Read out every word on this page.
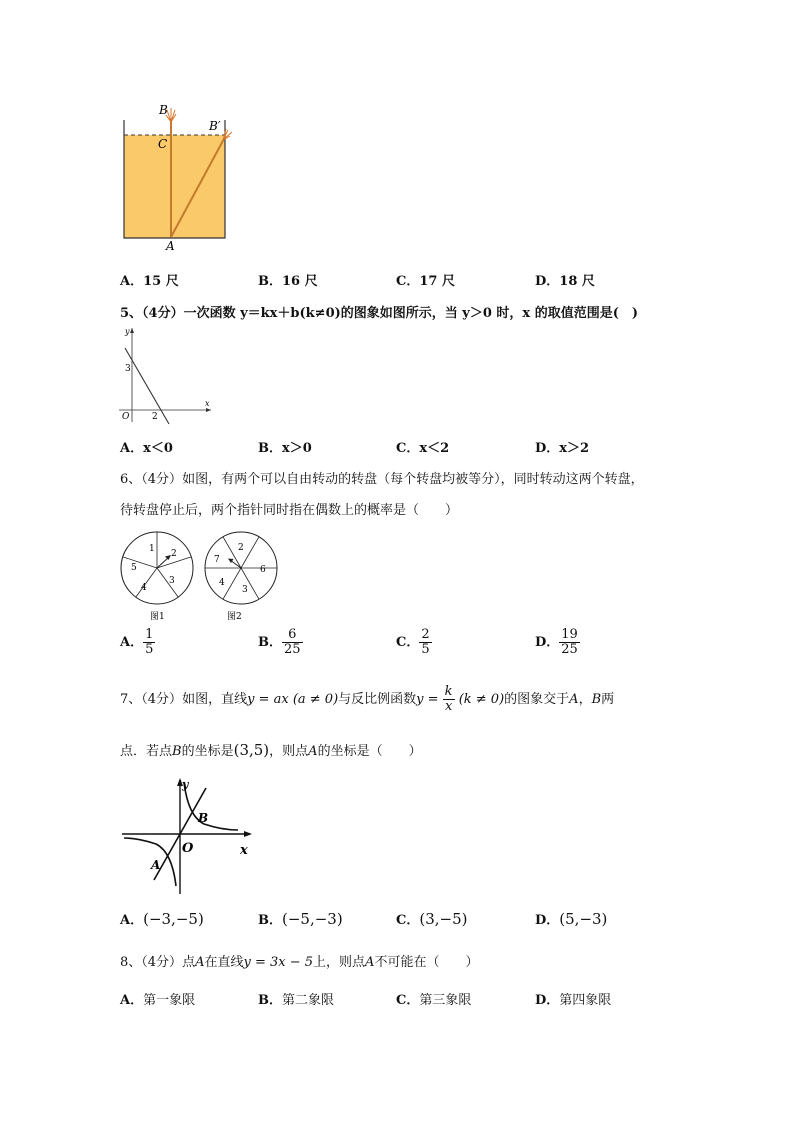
B
B′
C
A
A．15 尺	B．16 尺	C．17 尺	D．18 尺
5、（4分）一次函数 y＝kx＋b(k≠0)的图象如图所示，当 y＞0 时，x 的取值范围是(　)
y
x
O
3
2
A．x＜0	B．x＞0	C．x＜2	D．x＞2
6、（4分）如图，有两个可以自由转动的转盘（每个转盘均被等分），同时转动这两个转盘，
待转盘停止后，两个指针同时指在偶数上的概率是（　　）
1 2
3
4
5
图1
2
6
3
4
7
图2
A． $\frac{1}{5}$	B． $\frac{6}{25}$	C． $\frac{2}{5}$	D． $\frac{19}{25}$
7、（4分）如图，直线y = ax (a ≠ 0)与反比例函数$y = \frac{k}{x} (k \ne 0)$的图象交于A，B两
点．若点B的坐标是(3,5)，则点A的坐标是（　　）
y
x
O
A
B
A．(−3,−5)	B．(−5,−3)	C．(3,−5)	D．(5,−3)
8、（4分）点A在直线y = 3x − 5上，则点A不可能在（　　）
A．第一象限	B．第二象限	C．第三象限	D．第四象限
